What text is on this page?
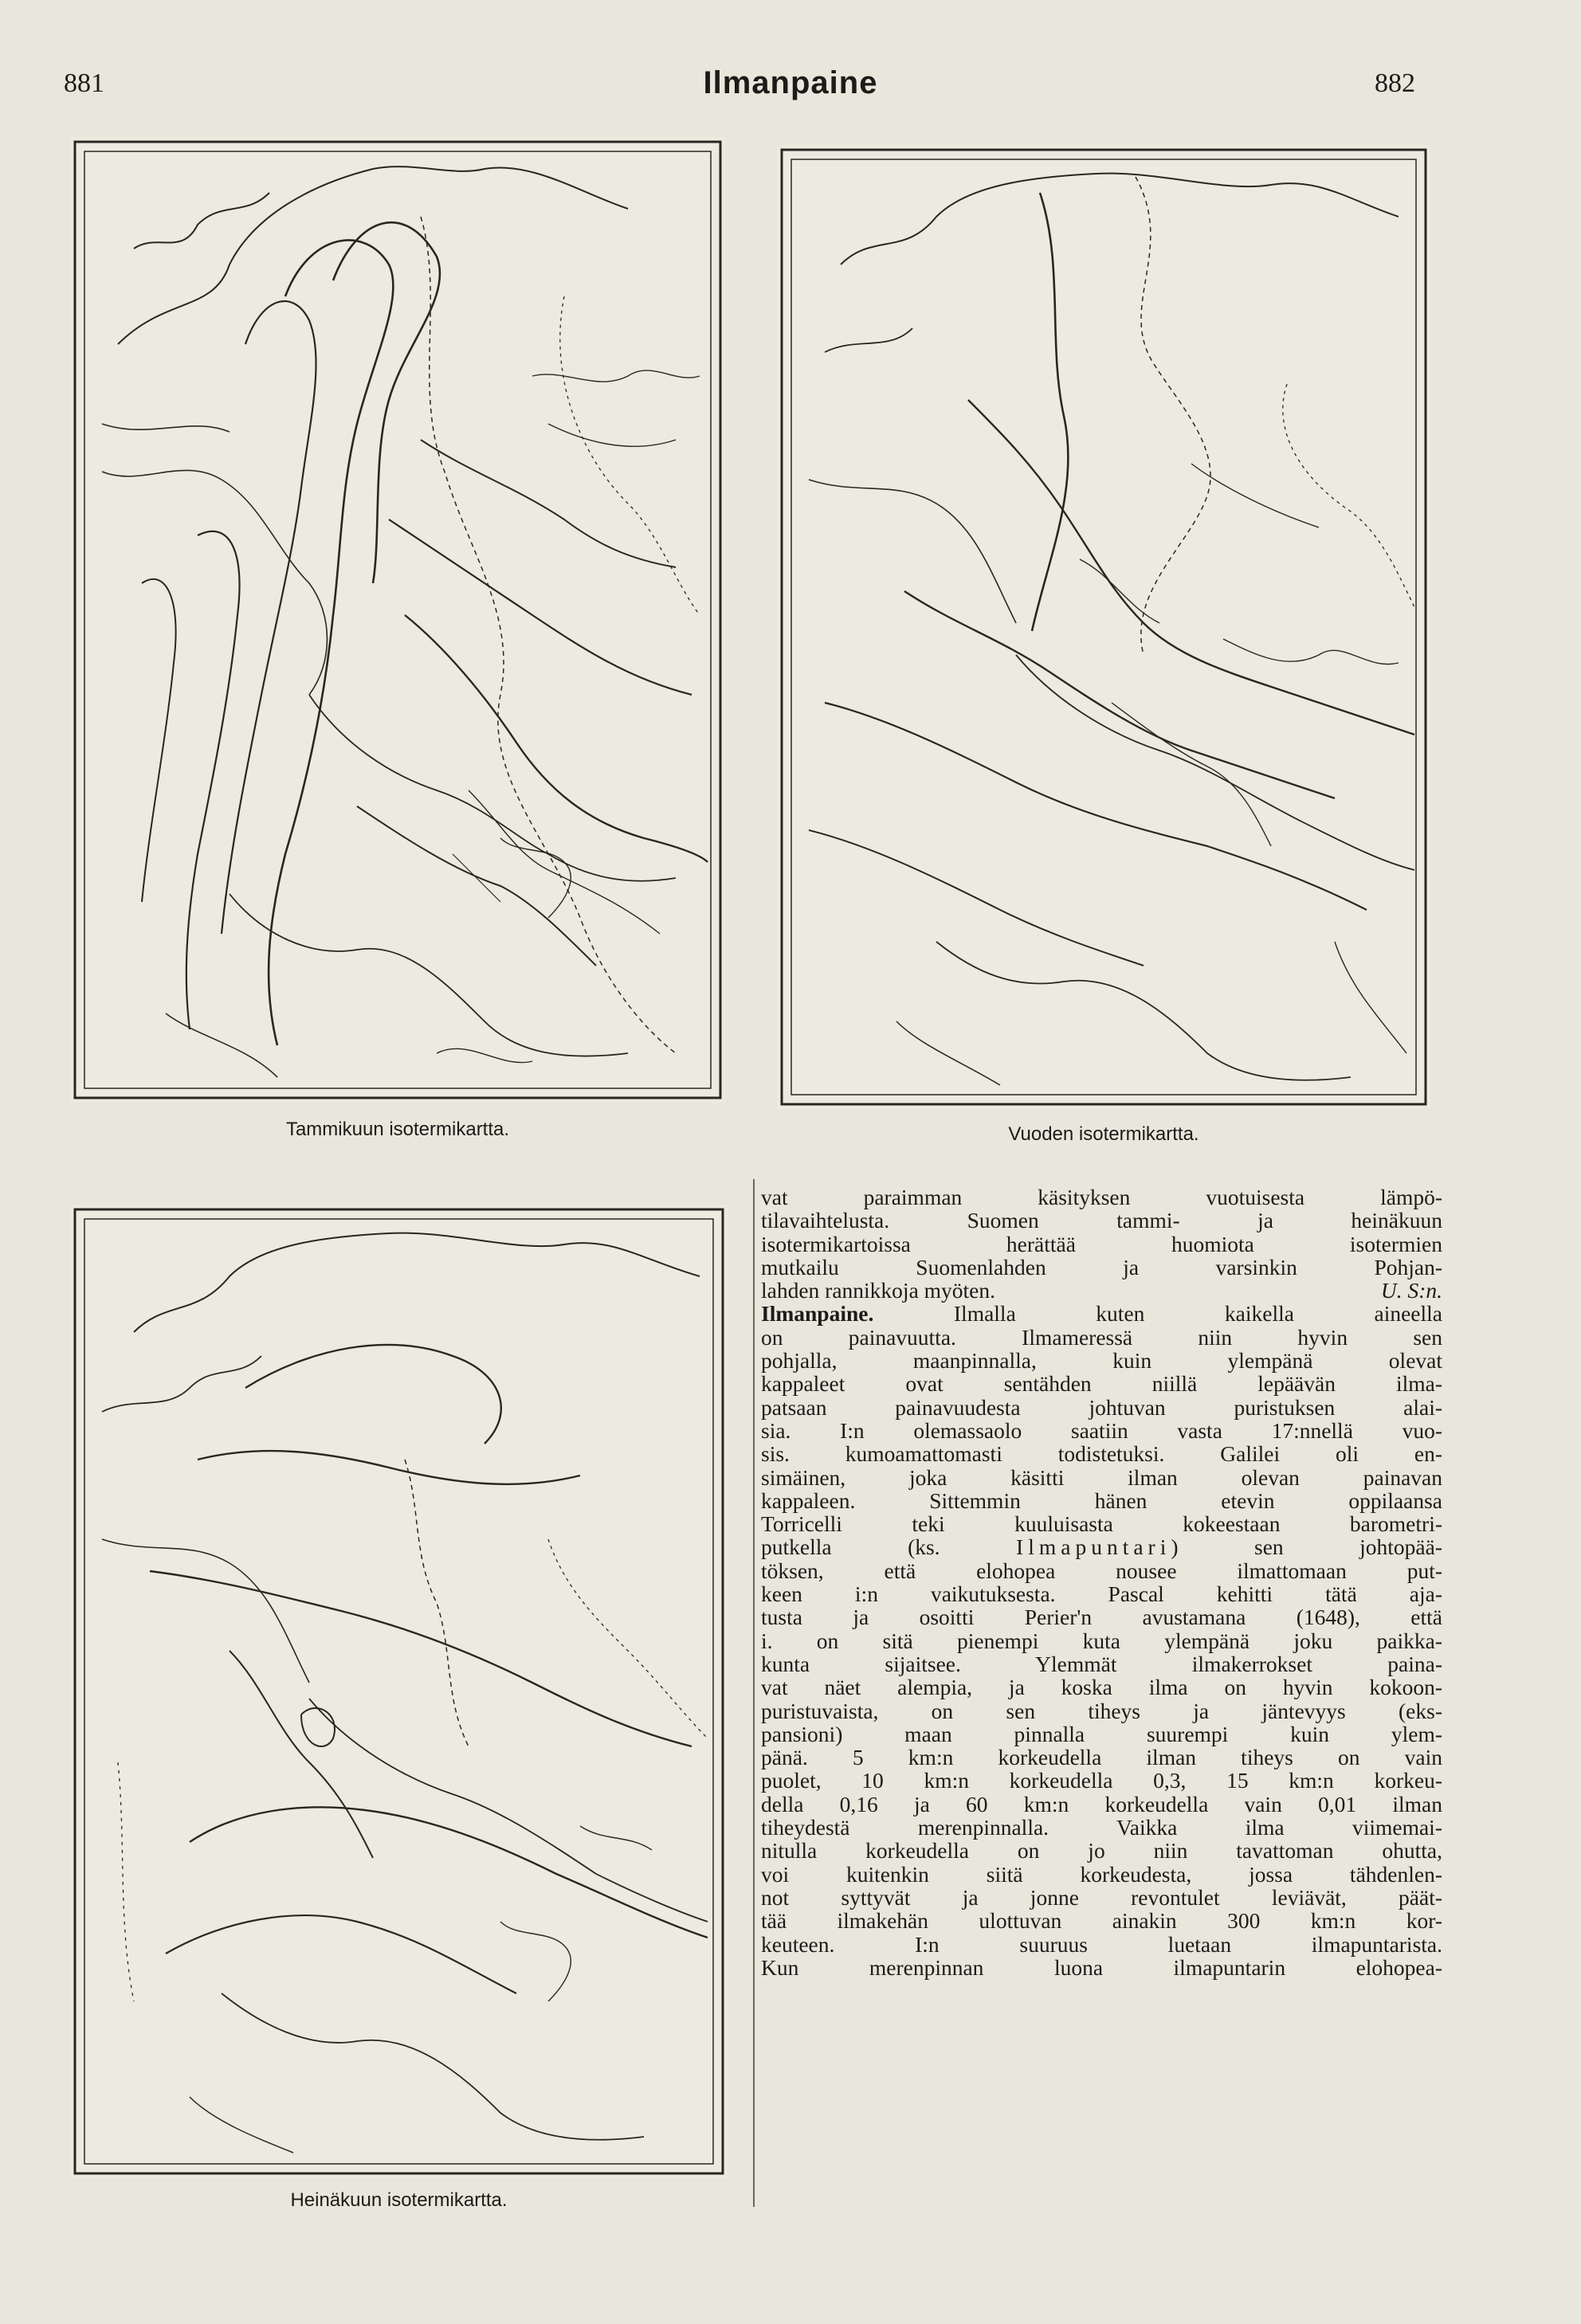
881	Ilmanpaine	882
Tammikuun isotermikartta.	Vuoden isotermikartta.
Heinäkuun isotermikartta.
vat paraimman käsityksen vuotuisesta lämpö-
tilavaihtelusta. Suomen tammi- ja heinäkuun
isotermikartoissa herättää huomiota isotermien
mutkailu Suomenlahden ja varsinkin Pohjan-
lahden rannikkoja myöten.	U. S:n.
Ilmanpaine. Ilmalla kuten kaikella aineella
on painavuutta. Ilmameressä niin hyvin sen
pohjalla, maanpinnalla, kuin ylempänä olevat
kappaleet ovat sentähden niillä lepäävän ilma-
patsaan painavuudesta johtuvan puristuksen alai-
sia. I:n olemassaolo saatiin vasta 17:nnellä vuo-
sis. kumoamattomasti todistetuksi. Galilei oli en-
simäinen, joka käsitti ilman olevan painavan
kappaleen. Sittemmin hänen etevin oppilaansa
Torricelli teki kuuluisasta kokeestaan barometri-
putkella (ks. Ilmapuntari) sen johtopää-
töksen, että elohopea nousee ilmattomaan put-
keen i:n vaikutuksesta. Pascal kehitti tätä aja-
tusta ja osoitti Perier'n avustamana (1648), että
i. on sitä pienempi kuta ylempänä joku paikka-
kunta sijaitsee. Ylemmät ilmakerrokset paina-
vat näet alempia, ja koska ilma on hyvin kokoon-
puristuvaista, on sen tiheys ja jäntevyys (eks-
pansioni) maan pinnalla suurempi kuin ylem-
pänä. 5 km:n korkeudella ilman tiheys on vain
puolet, 10 km:n korkeudella 0,3, 15 km:n korkeu-
della 0,16 ja 60 km:n korkeudella vain 0,01 ilman
tiheydestä merenpinnalla. Vaikka ilma viimemai-
nitulla korkeudella on jo niin tavattoman ohutta,
voi kuitenkin siitä korkeudesta, jossa tähdenlen-
not syttyvät ja jonne revontulet leviävät, päät-
tää ilmakehän ulottuvan ainakin 300 km:n kor-
keuteen. I:n suuruus luetaan ilmapuntarista.
Kun merenpinnan luona ilmapuntarin elohopea-
